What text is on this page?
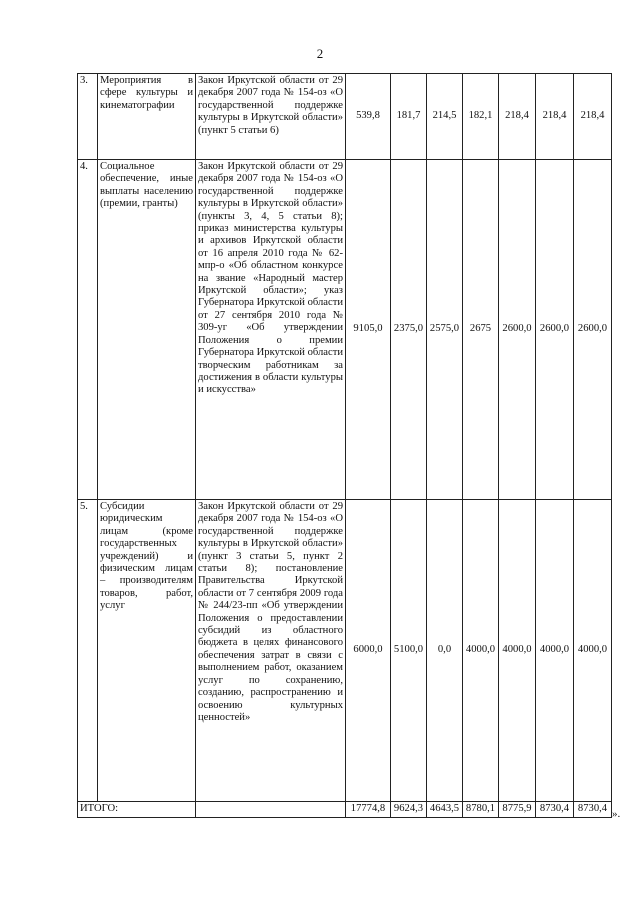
2
3.	Мероприятия в сфере культуры и кинематографии	Закон Иркутской области от 29 декабря 2007 года № 154-оз «О государственной поддержке культуры в Иркутской области» (пункт 5 статьи 6)	539,8	181,7	214,5	182,1	218,4	218,4	218,4
4.	Социальное обеспечение, иные выплаты населению (премии, гранты)	Закон Иркутской области от 29 декабря 2007 года № 154-оз «О государственной поддержке культуры в Иркутской области» (пункты 3, 4, 5 статьи 8); приказ министерства культуры и архивов Иркутской области от 16 апреля 2010 года № 62-мпр-о «Об областном конкурсе на звание «Народный мастер Иркутской области»; указ Губернатора Иркутской области от 27 сентября 2010 года № 309-уг «Об утверждении Положения о премии Губернатора Иркутской области творческим работникам за достижения в области культуры и искусства»	9105,0	2375,0	2575,0	2675	2600,0	2600,0	2600,0
5.	Субсидии юридическим лицам (кроме государственных учреждений) и физическим лицам – производителям товаров, работ, услуг	Закон Иркутской области от 29 декабря 2007 года № 154-оз «О государственной поддержке культуры в Иркутской области» (пункт 3 статьи 5, пункт 2 статьи 8); постановление Правительства Иркутской области от 7 сентября 2009 года № 244/23-пп «Об утверждении Положения о предоставлении субсидий из областного бюджета в целях финансового обеспечения затрат в связи с выполнением работ, оказанием услуг по сохранению, созданию, распространению и освоению культурных ценностей»	6000,0	5100,0	0,0	4000,0	4000,0	4000,0	4000,0
ИТОГО:			17774,8	9624,3	4643,5	8780,1	8775,9	8730,4	8730,4 ».
